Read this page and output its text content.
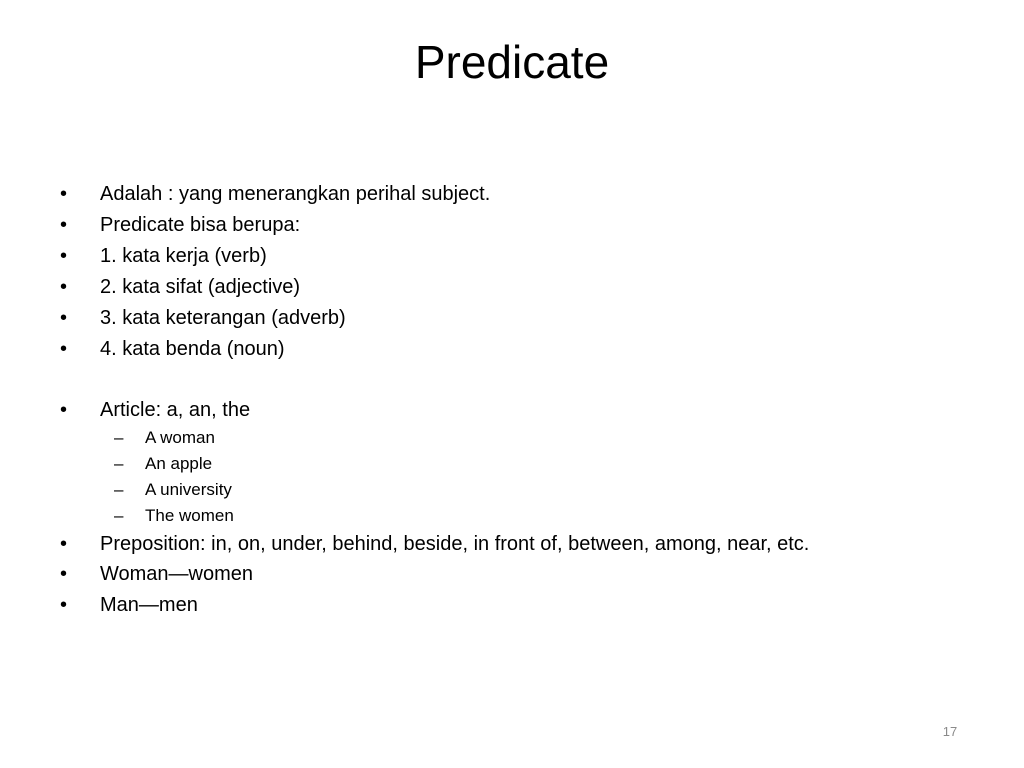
Predicate
• Adalah : yang menerangkan perihal subject.
• Predicate bisa berupa:
• 1. kata kerja (verb)
• 2. kata sifat (adjective)
• 3. kata keterangan (adverb)
• 4. kata benda (noun)
• Article: a, an, the
– A woman
– An apple
– A university
– The women
• Preposition: in, on, under, behind, beside, in front of, between, among, near, etc.
• Woman—women
• Man—men
17
